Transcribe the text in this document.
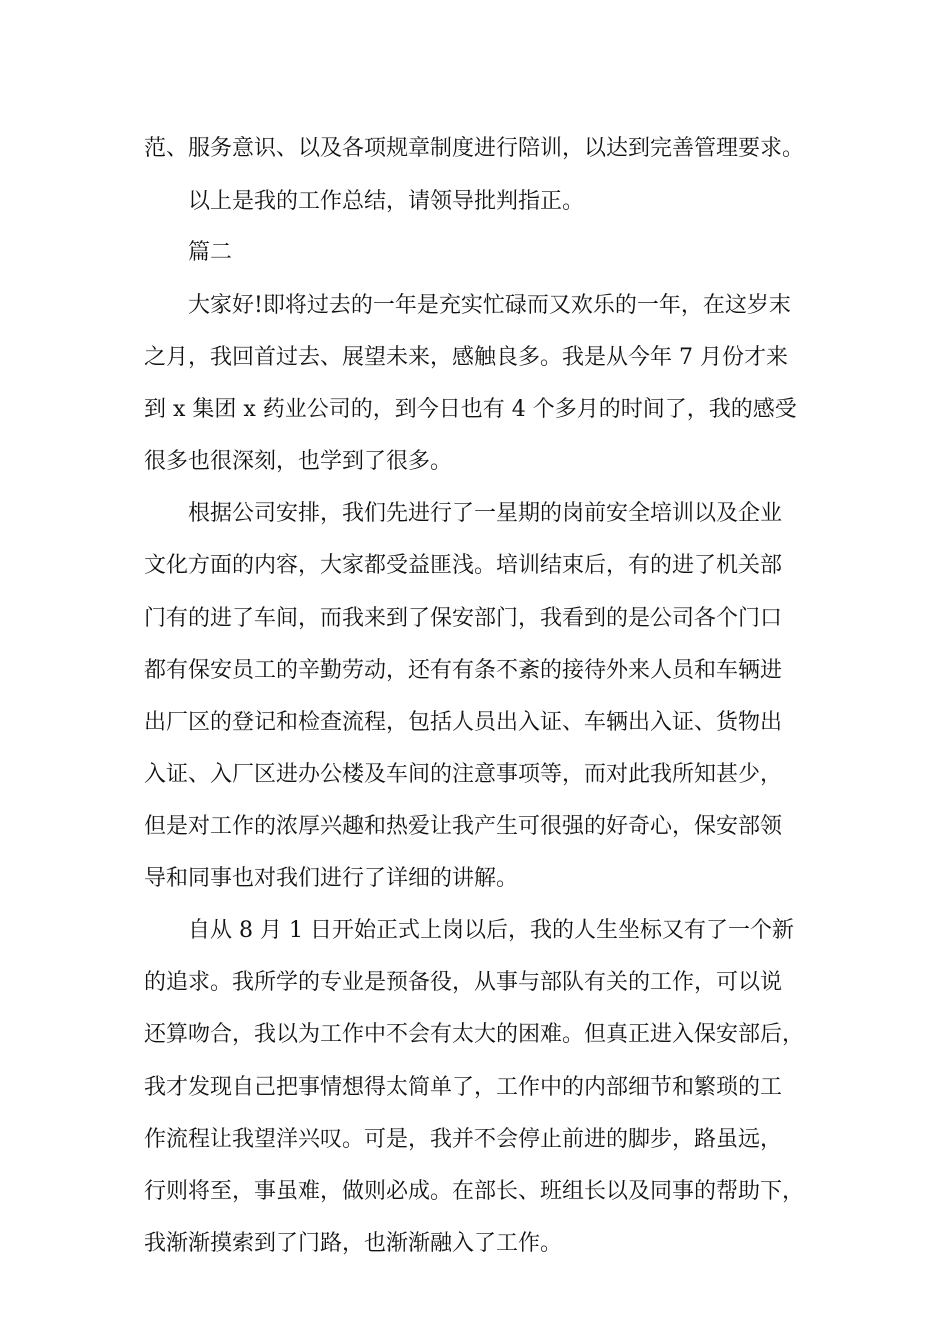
范、服务意识、以及各项规章制度进行陪训，以达到完善管理要求。
以上是我的工作总结，请领导批判指正。
篇二
大家好!即将过去的一年是充实忙碌而又欢乐的一年，在这岁末
之月，我回首过去、展望未来，感触良多。我是从今年 7 月份才来
到 x 集团 x 药业公司的，到今日也有 4 个多月的时间了，我的感受
很多也很深刻，也学到了很多。
根据公司安排，我们先进行了一星期的岗前安全培训以及企业
文化方面的内容，大家都受益匪浅。培训结束后，有的进了机关部
门有的进了车间，而我来到了保安部门，我看到的是公司各个门口
都有保安员工的辛勤劳动，还有有条不紊的接待外来人员和车辆进
出厂区的登记和检查流程，包括人员出入证、车辆出入证、货物出
入证、入厂区进办公楼及车间的注意事项等，而对此我所知甚少，
但是对工作的浓厚兴趣和热爱让我产生可很强的好奇心，保安部领
导和同事也对我们进行了详细的讲解。
自从 8 月 1 日开始正式上岗以后，我的人生坐标又有了一个新
的追求。我所学的专业是预备役，从事与部队有关的工作，可以说
还算吻合，我以为工作中不会有太大的困难。但真正进入保安部后，
我才发现自己把事情想得太简单了，工作中的内部细节和繁琐的工
作流程让我望洋兴叹。可是，我并不会停止前进的脚步，路虽远，
行则将至，事虽难，做则必成。在部长、班组长以及同事的帮助下，
我渐渐摸索到了门路，也渐渐融入了工作。
